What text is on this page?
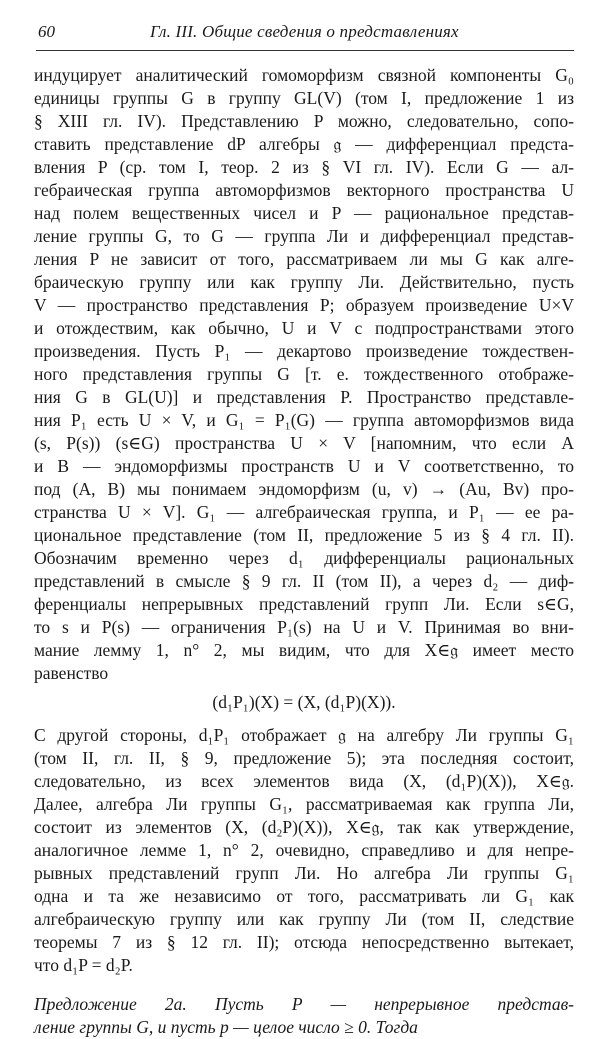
60	Гл. III. Общие сведения о представлениях
индуцирует аналитический гомоморфизм связной компоненты G₀
единицы группы G в группу GL(V) (том I, предложение 1 из
§ XIII гл. IV). Представлению P можно, следовательно, сопо-
ставить представление dP алгебры 𝔤 — дифференциал предста-
вления P (ср. том I, теор. 2 из § VI гл. IV). Если G — ал-
гебраическая группа автоморфизмов векторного пространства U
над полем вещественных чисел и P — рациональное представ-
ление группы G, то G — группа Ли и дифференциал представ-
ления P не зависит от того, рассматриваем ли мы G как алге-
браическую группу или как группу Ли. Действительно, пусть
V — пространство представления P; образуем произведение U×V
и отождествим, как обычно, U и V с подпространствами этого
произведения. Пусть P₁ — декартово произведение тождествен-
ного представления группы G [т. е. тождественного отображе-
ния G в GL(U)] и представления P. Пространство представле-
ния P₁ есть U × V, и G₁ = P₁(G) — группа автоморфизмов вида
(s, P(s)) (s∈G) пространства U × V [напомним, что если A
и B — эндоморфизмы пространств U и V соответственно, то
под (A, B) мы понимаем эндоморфизм (u, v) → (Au, Bv) про-
странства U × V]. G₁ — алгебраическая группа, и P₁ — ее ра-
циональное представление (том II, предложение 5 из § 4 гл. II).
Обозначим временно через d₁ дифференциалы рациональных
представлений в смысле § 9 гл. II (том II), а через d₂ — диф-
ференциалы непрерывных представлений групп Ли. Если s∈G,
то s и P(s) — ограничения P₁(s) на U и V. Принимая во вни-
мание лемму 1, n° 2, мы видим, что для X∈𝔤 имеет место
равенство
(d₁P₁)(X) = (X, (d₁P)(X)).
С другой стороны, d₁P₁ отображает 𝔤 на алгебру Ли группы G₁
(том II, гл. II, § 9, предложение 5); эта последняя состоит,
следовательно, из всех элементов вида (X, (d₁P)(X)), X∈𝔤.
Далее, алгебра Ли группы G₁, рассматриваемая как группа Ли,
состоит из элементов (X, (d₂P)(X)), X∈𝔤, так как утверждение,
аналогичное лемме 1, n° 2, очевидно, справедливо и для непре-
рывных представлений групп Ли. Но алгебра Ли группы G₁
одна и та же независимо от того, рассматривать ли G₁ как
алгебраическую группу или как группу Ли (том II, следствие
теоремы 7 из § 12 гл. II); отсюда непосредственно вытекает,
что d₁P = d₂P.
Предложение 2а. Пусть P — непрерывное представ-
ление группы G, и пусть p — целое число ≥ 0. Тогда
